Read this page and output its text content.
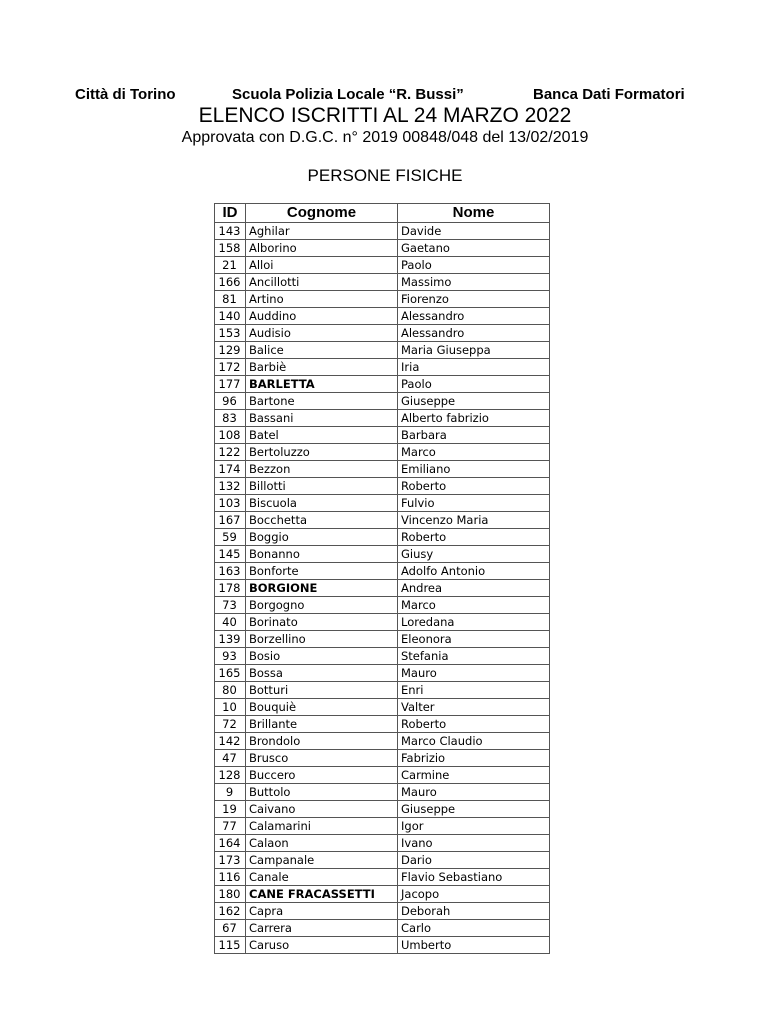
Città di Torino	Scuola Polizia Locale “R. Bussi”	Banca Dati Formatori
ELENCO ISCRITTI AL 24 MARZO 2022
Approvata con D.G.C. n° 2019 00848/048 del 13/02/2019
PERSONE FISICHE
ID	Cognome	Nome
143	Aghilar	Davide
158	Alborino	Gaetano
21	Alloi	Paolo
166	Ancillotti	Massimo
81	Artino	Fiorenzo
140	Auddino	Alessandro
153	Audisio	Alessandro
129	Balice	Maria Giuseppa
172	Barbiè	Iria
177	BARLETTA	Paolo
96	Bartone	Giuseppe
83	Bassani	Alberto fabrizio
108	Batel	Barbara
122	Bertoluzzo	Marco
174	Bezzon	Emiliano
132	Billotti	Roberto
103	Biscuola	Fulvio
167	Bocchetta	Vincenzo Maria
59	Boggio	Roberto
145	Bonanno	Giusy
163	Bonforte	Adolfo Antonio
178	BORGIONE	Andrea
73	Borgogno	Marco
40	Borinato	Loredana
139	Borzellino	Eleonora
93	Bosio	Stefania
165	Bossa	Mauro
80	Botturi	Enri
10	Bouquiè	Valter
72	Brillante	Roberto
142	Brondolo	Marco Claudio
47	Brusco	Fabrizio
128	Buccero	Carmine
9	Buttolo	Mauro
19	Caivano	Giuseppe
77	Calamarini	Igor
164	Calaon	Ivano
173	Campanale	Dario
116	Canale	Flavio Sebastiano
180	CANE FRACASSETTI	Jacopo
162	Capra	Deborah
67	Carrera	Carlo
115	Caruso	Umberto
